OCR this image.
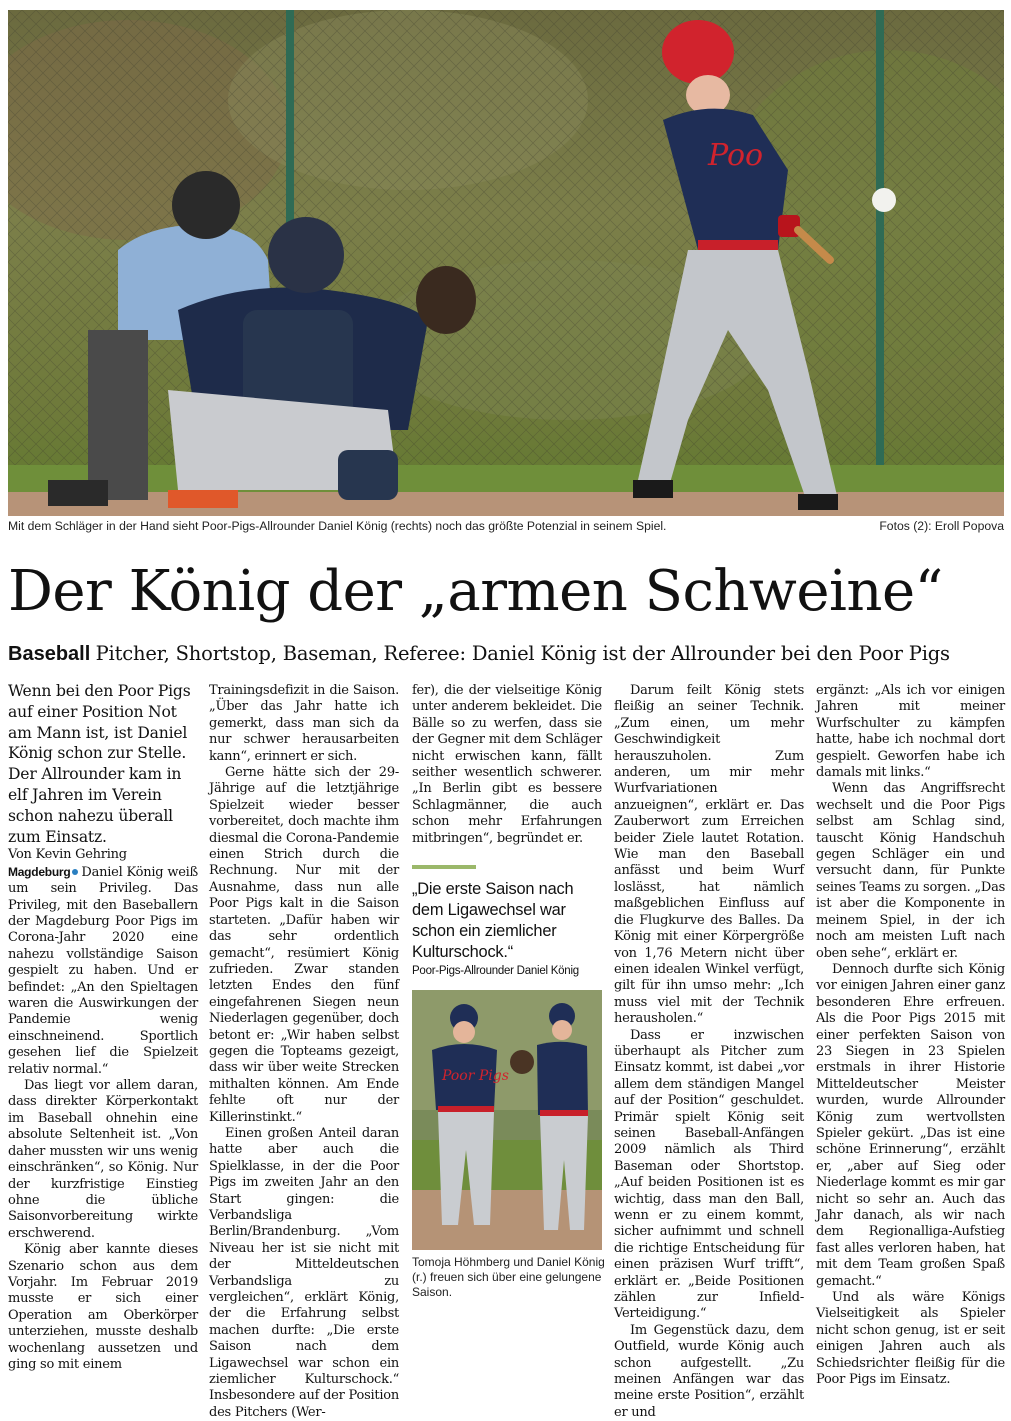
Poo
Mit dem Schläger in der Hand sieht Poor-Pigs-Allrounder Daniel König (rechts) noch das größte Potenzial in seinem Spiel.	Fotos (2): Eroll Popova
Der König der „armen Schweine“
Baseball Pitcher, Shortstop, Baseman, Referee: Daniel König ist der Allrounder bei den Poor Pigs

Wenn bei den Poor Pigs auf einer Position Not am Mann ist, ist Daniel König schon zur Stelle. Der Allrounder kam in elf Jahren im Verein schon nahezu überall zum Einsatz.

Von Kevin Gehring

Magdeburg Daniel König weiß um sein Privileg. Das Privileg, mit den Baseballern der Magdeburg Poor Pigs im Corona-Jahr 2020 eine nahezu vollständige Saison gespielt zu haben. Und er befindet: „An den Spieltagen waren die Auswirkungen der Pandemie wenig einschneinend. Sportlich gesehen lief die Spielzeit relativ normal.“

Das liegt vor allem daran, dass direkter Körperkontakt im Baseball ohnehin eine absolute Seltenheit ist. „Von daher mussten wir uns wenig einschränken“, so König. Nur der kurzfristige Einstieg ohne die übliche Saisonvorbereitung wirkte erschwerend.

König aber kannte dieses Szenario schon aus dem Vorjahr. Im Februar 2019 musste er sich einer Operation am Oberkörper unterziehen, musste deshalb wochenlang aussetzen und ging so mit einem

Trainingsdefizit in die Saison. „Über das Jahr hatte ich gemerkt, dass man sich da nur schwer herausarbeiten kann“, erinnert er sich.

Gerne hätte sich der 29-Jährige auf die letztjährige Spielzeit wieder besser vorbereitet, doch machte ihm diesmal die Corona-Pandemie einen Strich durch die Rechnung. Nur mit der Ausnahme, dass nun alle Poor Pigs kalt in die Saison starteten. „Dafür haben wir das sehr ordentlich gemacht“, resümiert König zufrieden. Zwar standen letzten Endes den fünf eingefahrenen Siegen neun Niederlagen gegenüber, doch betont er: „Wir haben selbst gegen die Topteams gezeigt, dass wir über weite Strecken mithalten können. Am Ende fehlte oft nur der Killerinstinkt.“

Einen großen Anteil daran hatte aber auch die Spielklasse, in der die Poor Pigs im zweiten Jahr an den Start gingen: die Verbandsliga Berlin/Brandenburg. „Vom Niveau her ist sie nicht mit der Mitteldeutschen Verbandsliga zu vergleichen“, erklärt König, der die Erfahrung selbst machen durfte: „Die erste Saison nach dem Ligawechsel war schon ein ziemlicher Kulturschock.“ Insbesondere auf der Position des Pitchers (Wer-

fer), die der vielseitige König unter anderem bekleidet. Die Bälle so zu werfen, dass sie der Gegner mit dem Schläger nicht erwischen kann, fällt seither wesentlich schwerer. „In Berlin gibt es bessere Schlagmänner, die auch schon mehr Erfahrungen mitbringen“, begründet er.

„Die erste Saison nach dem Ligawechsel war schon ein ziemlicher Kulturschock.“

Poor-Pigs-Allrounder Daniel König

Poor Pigs
Tomoja Höhmberg und Daniel König (r.) freuen sich über eine gelungene Saison.

Darum feilt König stets fleißig an seiner Technik. „Zum einen, um mehr Geschwindigkeit herauszuholen. Zum anderen, um mir mehr Wurfvariationen anzueignen“, erklärt er. Das Zauberwort zum Erreichen beider Ziele lautet Rotation. Wie man den Baseball anfässt und beim Wurf loslässt, hat nämlich maßgeblichen Einfluss auf die Flugkurve des Balles. Da König mit einer Körpergröße von 1,76 Metern nicht über einen idealen Winkel verfügt, gilt für ihn umso mehr: „Ich muss viel mit der Technik herausholen.“

Dass er inzwischen überhaupt als Pitcher zum Einsatz kommt, ist dabei „vor allem dem ständigen Mangel auf der Position“ geschuldet. Primär spielt König seit seinen Baseball-Anfängen 2009 nämlich als Third Baseman oder Shortstop. „Auf beiden Positionen ist es wichtig, dass man den Ball, wenn er zu einem kommt, sicher aufnimmt und schnell die richtige Entscheidung für einen präzisen Wurf trifft“, erklärt er. „Beide Positionen zählen zur Infield-Verteidigung.“

Im Gegenstück dazu, dem Outfield, wurde König auch schon aufgestellt. „Zu meinen Anfängen war das meine erste Position“, erzählt er und

ergänzt: „Als ich vor einigen Jahren mit meiner Wurfschulter zu kämpfen hatte, habe ich nochmal dort gespielt. Geworfen habe ich damals mit links.“

Wenn das Angriffsrecht wechselt und die Poor Pigs selbst am Schlag sind, tauscht König Handschuh gegen Schläger ein und versucht dann, für Punkte seines Teams zu sorgen. „Das ist aber die Komponente in meinem Spiel, in der ich noch am meisten Luft nach oben sehe“, erklärt er.

Dennoch durfte sich König vor einigen Jahren einer ganz besonderen Ehre erfreuen. Als die Poor Pigs 2015 mit einer perfekten Saison von 23 Siegen in 23 Spielen erstmals in ihrer Historie Mitteldeutscher Meister wurden, wurde Allrounder König zum wertvollsten Spieler gekürt. „Das ist eine schöne Erinnerung“, erzählt er, „aber auf Sieg oder Niederlage kommt es mir gar nicht so sehr an. Auch das Jahr danach, als wir nach dem Regionalliga-Aufstieg fast alles verloren haben, hat mit dem Team großen Spaß gemacht.“

Und als wäre Königs Vielseitigkeit als Spieler nicht schon genug, ist er seit einigen Jahren auch als Schiedsrichter fleißig für die Poor Pigs im Einsatz.
